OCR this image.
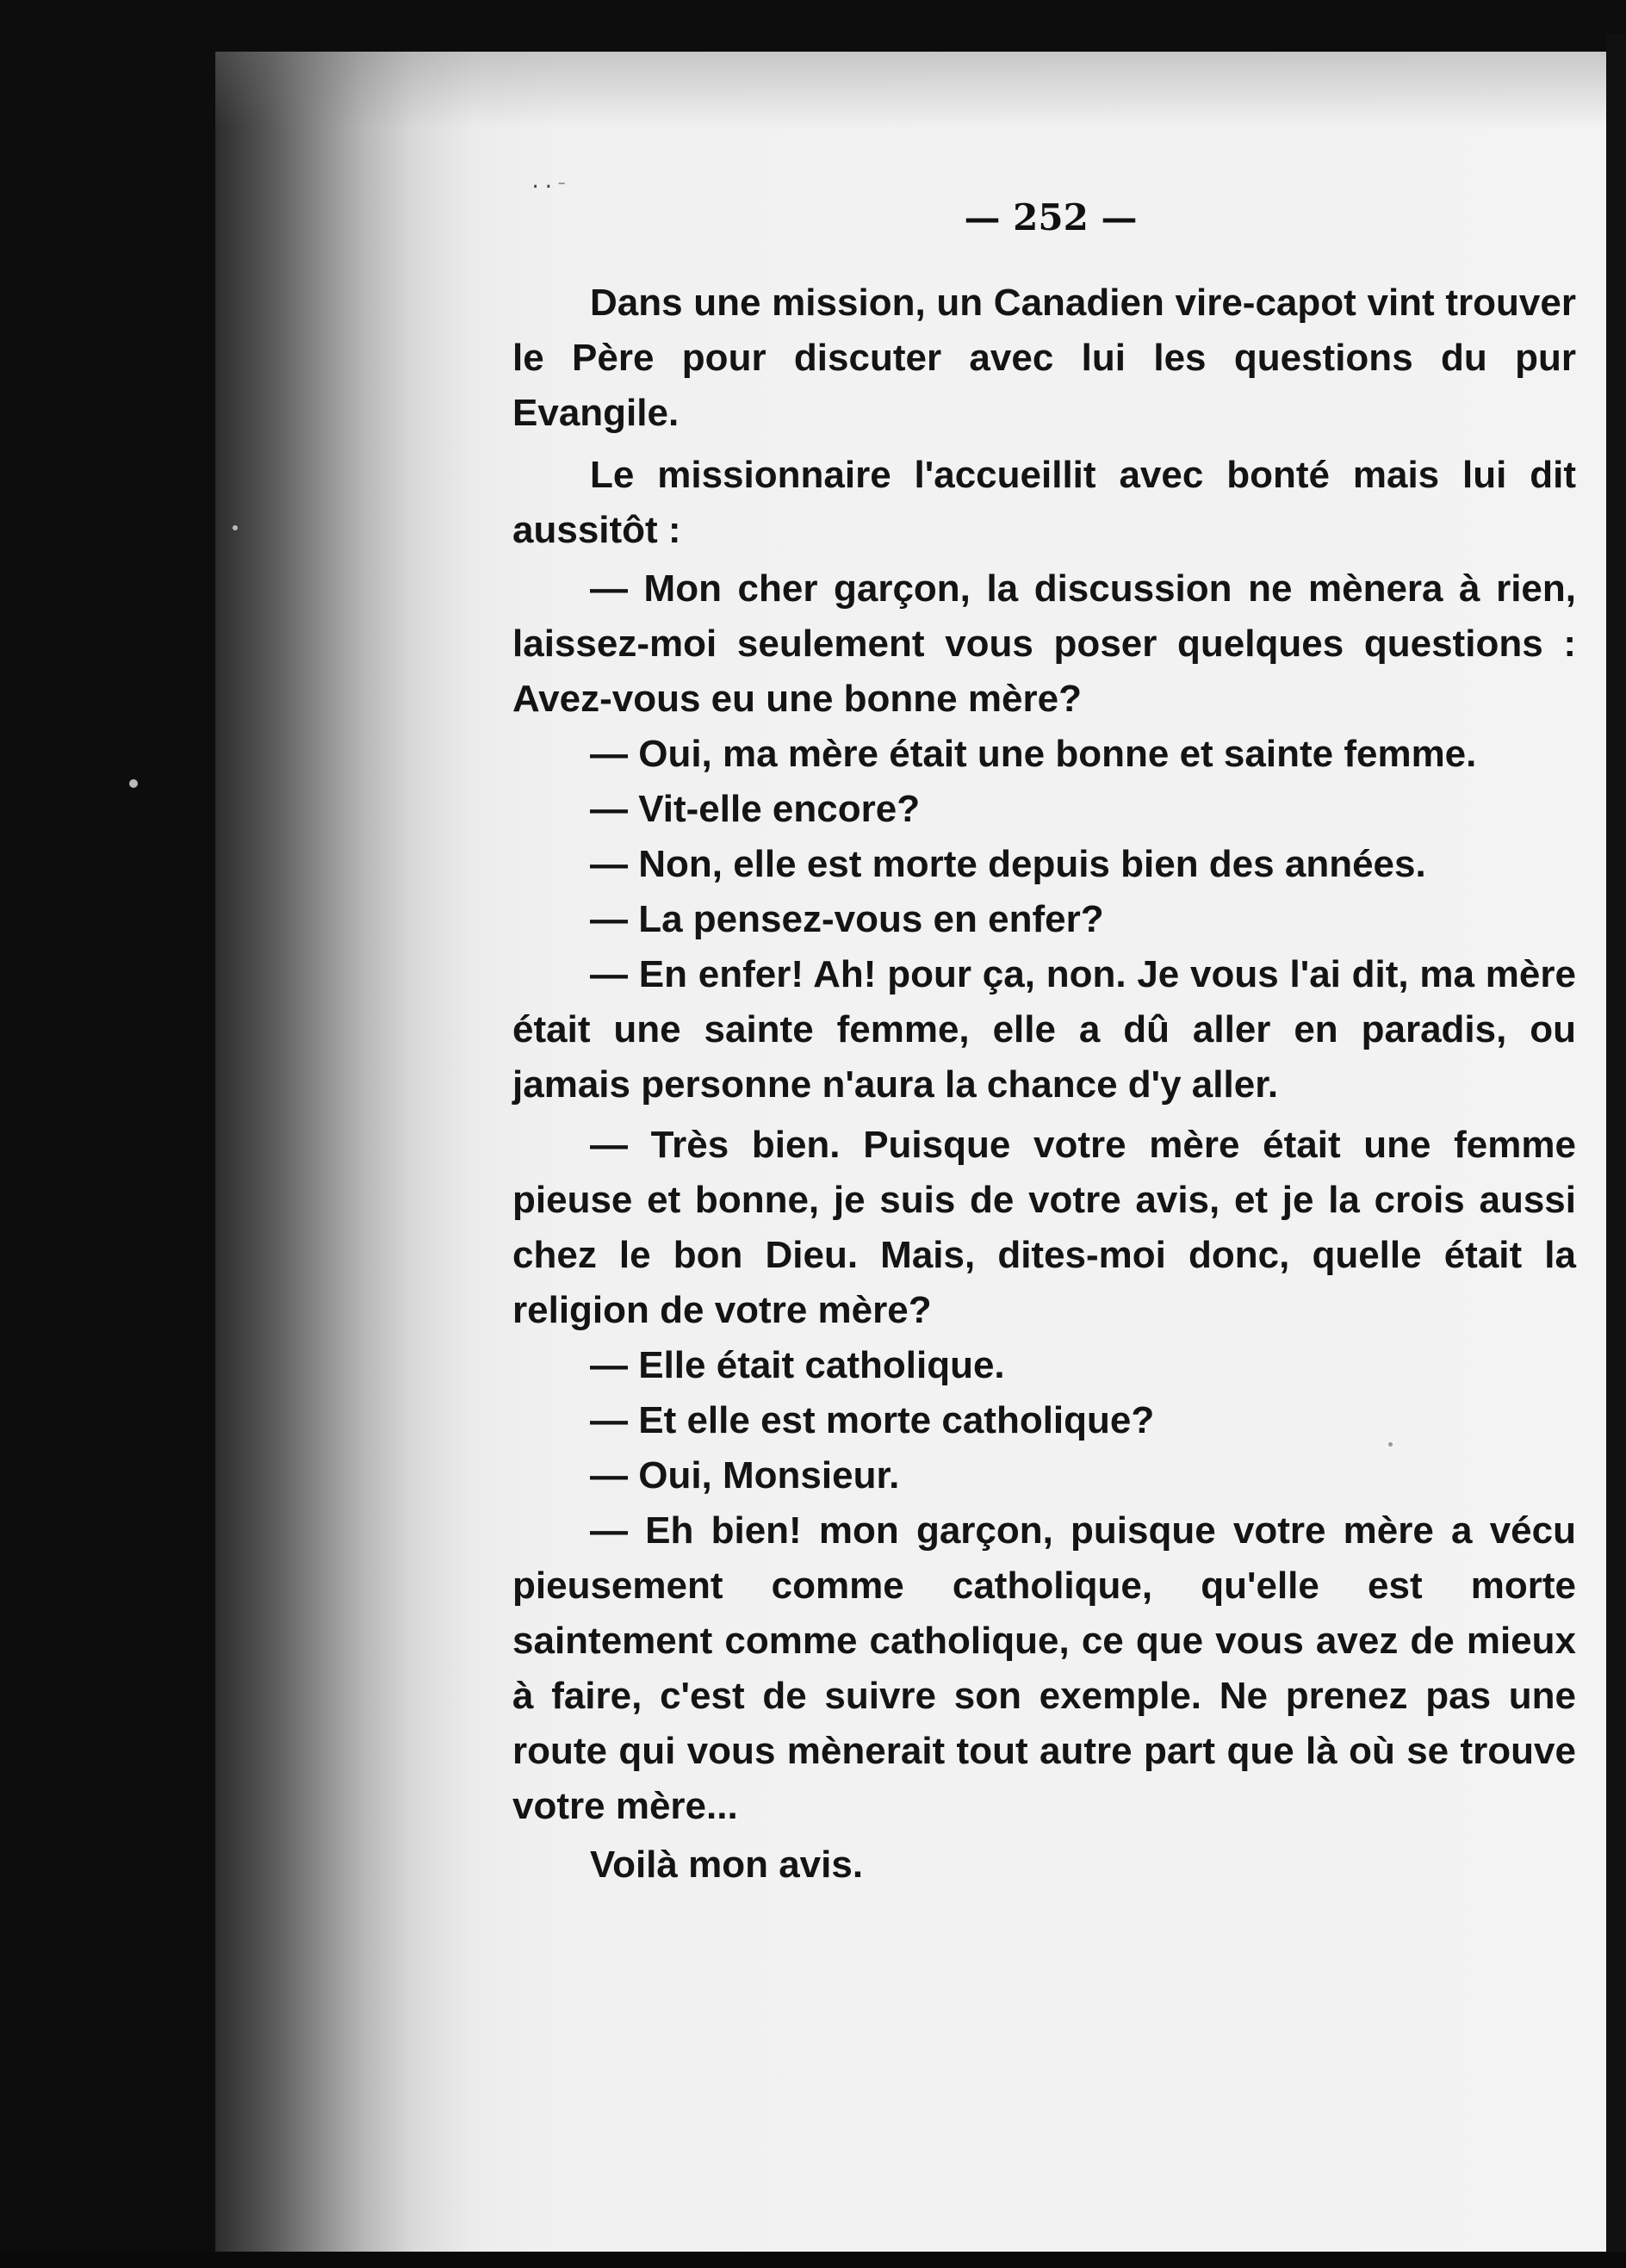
··⁻
— 252 —

Dans une mission, un Canadien vire-capot vint trouver le Père pour discuter avec lui les questions du pur Evangile.

Le missionnaire l'accueillit avec bonté mais lui dit aussitôt :

— Mon cher garçon, la discussion ne mènera à rien, laissez-moi seulement vous poser quelques questions : Avez-vous eu une bonne mère?

— Oui, ma mère était une bonne et sainte femme.

— Vit-elle encore?

— Non, elle est morte depuis bien des années.

— La pensez-vous en enfer?

— En enfer! Ah! pour ça, non. Je vous l'ai dit, ma mère était une sainte femme, elle a dû aller en paradis, ou jamais personne n'aura la chance d'y aller.

— Très bien. Puisque votre mère était une femme pieuse et bonne, je suis de votre avis, et je la crois aussi chez le bon Dieu. Mais, dites-moi donc, quelle était la religion de votre mère?

— Elle était catholique.

— Et elle est morte catholique?

— Oui, Monsieur.

— Eh bien! mon garçon, puisque votre mère a vécu pieusement comme catholique, qu'elle est morte saintement comme catholique, ce que vous avez de mieux à faire, c'est de suivre son exemple. Ne prenez pas une route qui vous mènerait tout autre part que là où se trouve votre mère...

Voilà mon avis.
